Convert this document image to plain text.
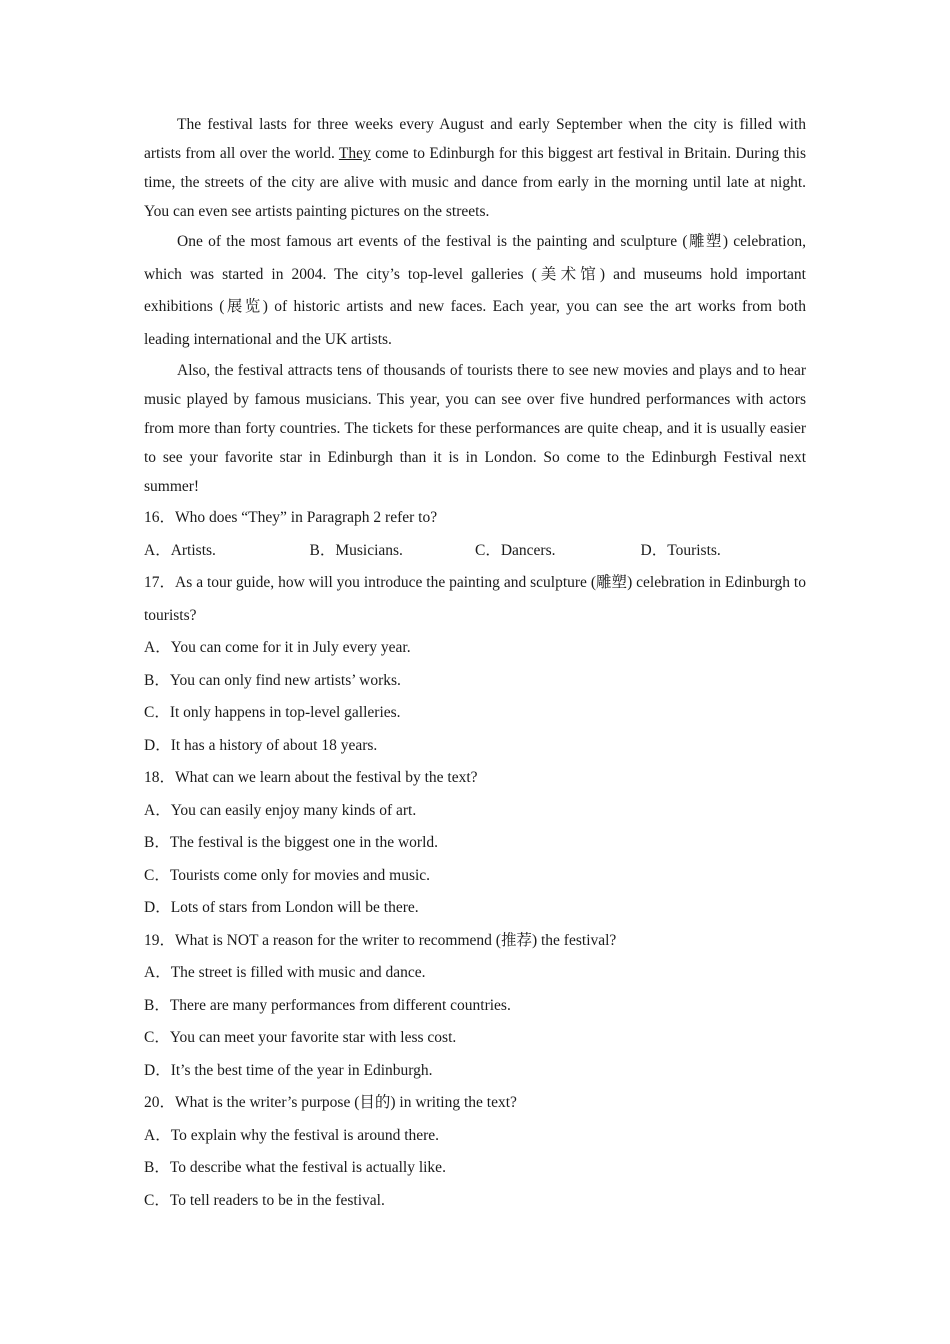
The festival lasts for three weeks every August and early September when the city is filled with artists from all over the world. They come to Edinburgh for this biggest art festival in Britain. During this time, the streets of the city are alive with music and dance from early in the morning until late at night. You can even see artists painting pictures on the streets.

One of the most famous art events of the festival is the painting and sculpture (雕塑) celebration, which was started in 2004. The city’s top-level galleries (美术馆) and museums hold important exhibitions (展览) of historic artists and new faces. Each year, you can see the art works from both leading international and the UK artists.

Also, the festival attracts tens of thousands of tourists there to see new movies and plays and to hear music played by famous musicians. This year, you can see over five hundred performances with actors from more than forty countries. The tickets for these performances are quite cheap, and it is usually easier to see your favorite star in Edinburgh than it is in London. So come to the Edinburgh Festival next summer!

16．Who does “They” in Paragraph 2 refer to?

A．Artists.	B．Musicians.	C．Dancers.	D．Tourists.

17．As a tour guide, how will you introduce the painting and sculpture (雕塑) celebration in Edinburgh to tourists?

A．You can come for it in July every year.

B．You can only find new artists’ works.

C．It only happens in top-level galleries.

D．It has a history of about 18 years.

18．What can we learn about the festival by the text?

A．You can easily enjoy many kinds of art.

B．The festival is the biggest one in the world.

C．Tourists come only for movies and music.

D．Lots of stars from London will be there.

19．What is NOT a reason for the writer to recommend (推荐) the festival?

A．The street is filled with music and dance.

B．There are many performances from different countries.

C．You can meet your favorite star with less cost.

D．It’s the best time of the year in Edinburgh.

20．What is the writer’s purpose (目的) in writing the text?

A．To explain why the festival is around there.

B．To describe what the festival is actually like.

C．To tell readers to be in the festival.
